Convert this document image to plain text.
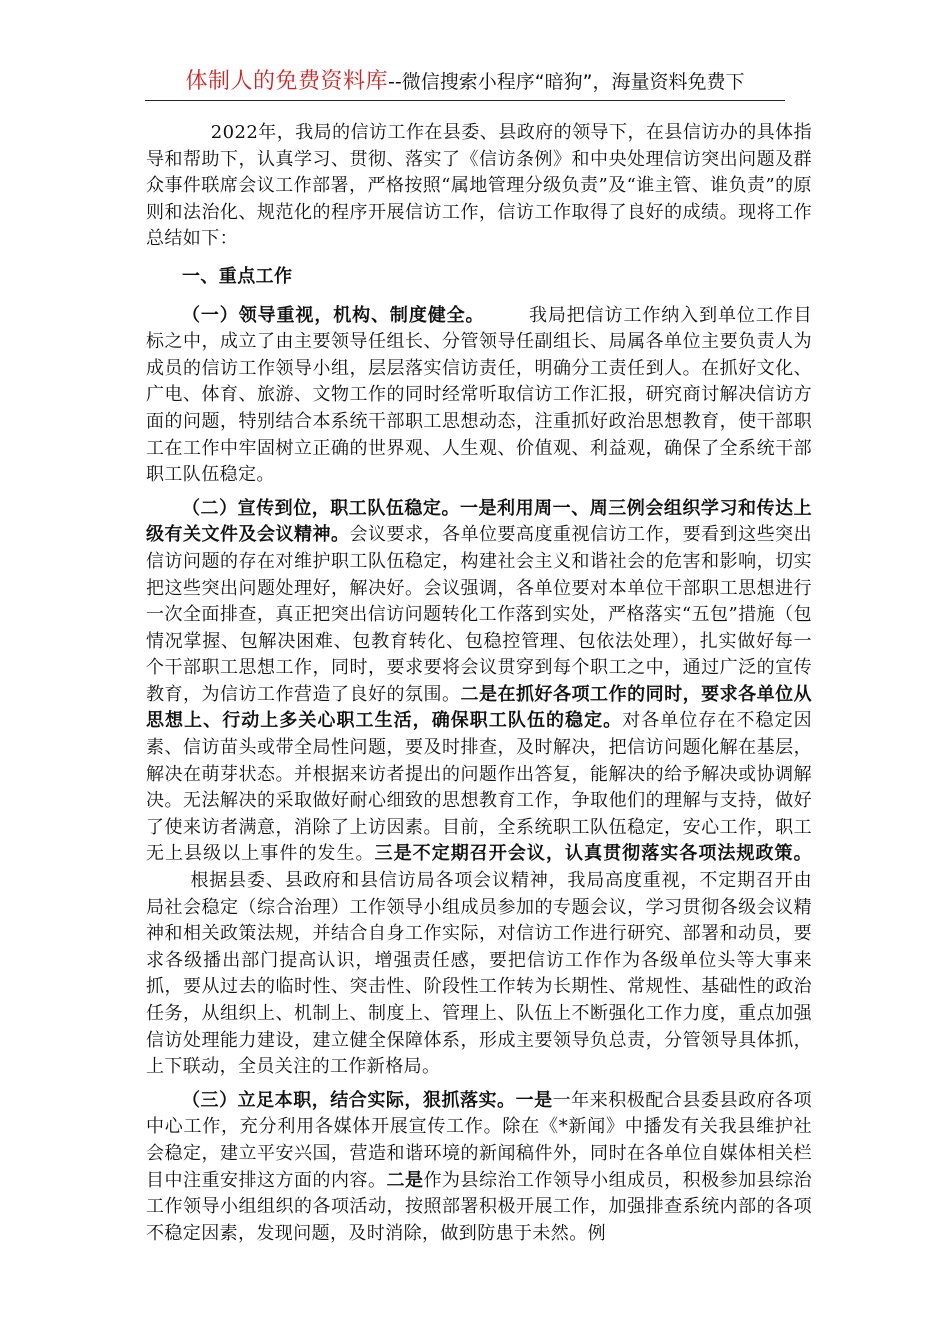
体制人的免费资料库--微信搜索小程序“暗狗”，海量资料免费下

2022年，我局的信访工作在县委、县政府的领导下，在县信访办的具体指导和帮助下，认真学习、贯彻、落实了《信访条例》和中央处理信访突出问题及群众事件联席会议工作部署，严格按照“属地管理分级负责”及“谁主管、谁负责”的原则和法治化、规范化的程序开展信访工作，信访工作取得了良好的成绩。现将工作总结如下：

一、重点工作

（一）领导重视，机构、制度健全。 我局把信访工作纳入到单位工作目标之中，成立了由主要领导任组长、分管领导任副组长、局属各单位主要负责人为成员的信访工作领导小组，层层落实信访责任，明确分工责任到人。在抓好文化、广电、体育、旅游、文物工作的同时经常听取信访工作汇报，研究商讨解决信访方面的问题，特别结合本系统干部职工思想动态，注重抓好政治思想教育，使干部职工在工作中牢固树立正确的世界观、人生观、价值观、利益观，确保了全系统干部职工队伍稳定。

（二）宣传到位，职工队伍稳定。一是利用周一、周三例会组织学习和传达上级有关文件及会议精神。会议要求，各单位要高度重视信访工作，要看到这些突出信访问题的存在对维护职工队伍稳定，构建社会主义和谐社会的危害和影响，切实把这些突出问题处理好，解决好。会议强调，各单位要对本单位干部职工思想进行一次全面排查，真正把突出信访问题转化工作落到实处，严格落实“五包”措施（包情况掌握、包解决困难、包教育转化、包稳控管理、包依法处理），扎实做好每一个干部职工思想工作，同时，要求要将会议贯穿到每个职工之中，通过广泛的宣传教育，为信访工作营造了良好的氛围。二是在抓好各项工作的同时，要求各单位从思想上、行动上多关心职工生活，确保职工队伍的稳定。对各单位存在不稳定因素、信访苗头或带全局性问题，要及时排查，及时解决，把信访问题化解在基层，解决在萌芽状态。并根据来访者提出的问题作出答复，能解决的给予解决或协调解决。无法解决的采取做好耐心细致的思想教育工作，争取他们的理解与支持，做好了使来访者满意，消除了上访因素。目前，全系统职工队伍稳定，安心工作，职工无上县级以上事件的发生。三是不定期召开会议，认真贯彻落实各项法规政策。根据县委、县政府和县信访局各项会议精神，我局高度重视，不定期召开由局社会稳定（综合治理）工作领导小组成员参加的专题会议，学习贯彻各级会议精神和相关政策法规，并结合自身工作实际，对信访工作进行研究、部署和动员，要求各级播出部门提高认识，增强责任感，要把信访工作作为各级单位头等大事来抓，要从过去的临时性、突击性、阶段性工作转为长期性、常规性、基础性的政治任务，从组织上、机制上、制度上、管理上、队伍上不断强化工作力度，重点加强信访处理能力建设，建立健全保障体系，形成主要领导负总责，分管领导具体抓，上下联动，全员关注的工作新格局。

（三）立足本职，结合实际，狠抓落实。一是一年来积极配合县委县政府各项中心工作，充分利用各媒体开展宣传工作。除在《*新闻》中播发有关我县维护社会稳定，建立平安兴国，营造和谐环境的新闻稿件外，同时在各单位自媒体相关栏目中注重安排这方面的内容。二是作为县综治工作领导小组成员，积极参加县综治工作领导小组组织的各项活动，按照部署积极开展工作，加强排查系统内部的各项不稳定因素，发现问题，及时消除，做到防患于未然。例
